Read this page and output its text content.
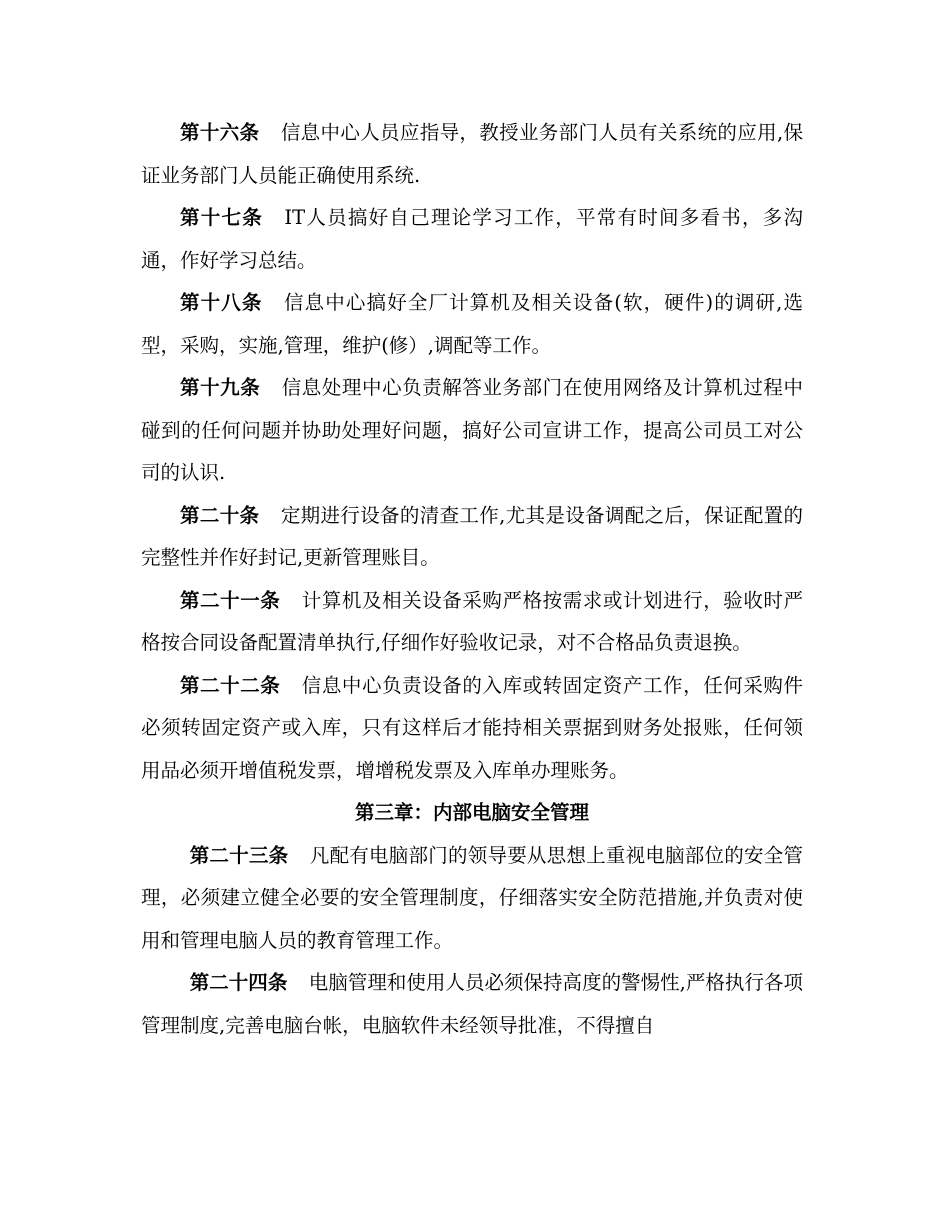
第十六条 信息中心人员应指导，教授业务部门人员有关系统的应用,保证业务部门人员能正确使用系统.

第十七条 IT人员搞好自己理论学习工作，平常有时间多看书，多沟通，作好学习总结。

第十八条 信息中心搞好全厂计算机及相关设备(软，硬件)的调研,选型，采购，实施,管理，维护(修）,调配等工作。

第十九条 信息处理中心负责解答业务部门在使用网络及计算机过程中碰到的任何问题并协助处理好问题，搞好公司宣讲工作，提高公司员工对公司的认识.

第二十条 定期进行设备的清查工作,尤其是设备调配之后，保证配置的完整性并作好封记,更新管理账目。

第二十一条 计算机及相关设备采购严格按需求或计划进行，验收时严格按合同设备配置清单执行,仔细作好验收记录，对不合格品负责退换。

第二十二条 信息中心负责设备的入库或转固定资产工作，任何采购件必须转固定资产或入库，只有这样后才能持相关票据到财务处报账，任何领用品必须开增值税发票，增增税发票及入库单办理账务。

第三章：内部电脑安全管理

第二十三条 凡配有电脑部门的领导要从思想上重视电脑部位的安全管理，必须建立健全必要的安全管理制度，仔细落实安全防范措施,并负责对使用和管理电脑人员的教育管理工作。

第二十四条 电脑管理和使用人员必须保持高度的警惕性,严格执行各项管理制度,完善电脑台帐，电脑软件未经领导批准，不得擅自
